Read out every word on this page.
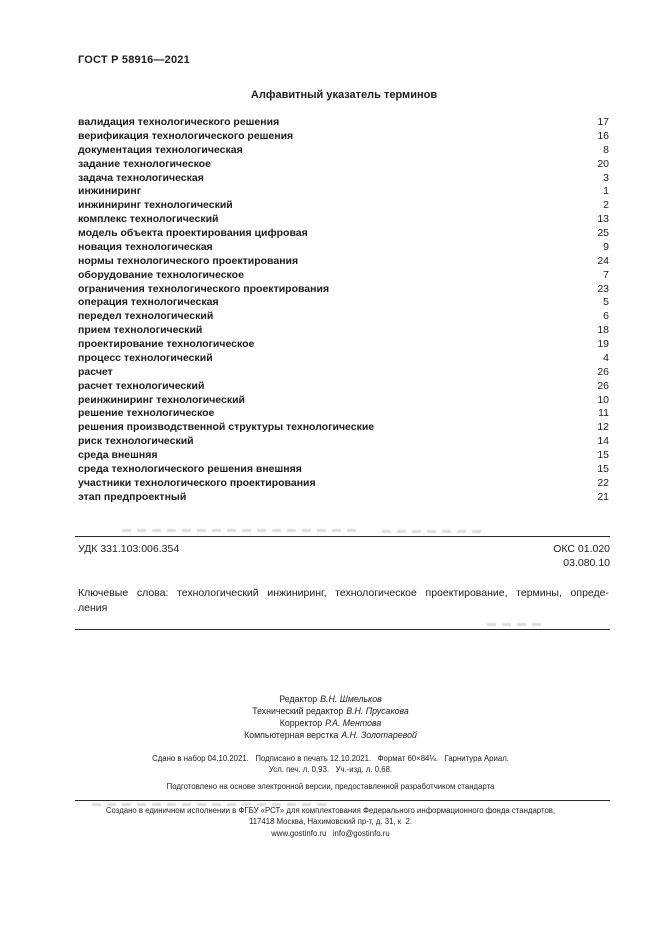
ГОСТ Р 58916—2021
Алфавитный указатель терминов
валидация технологического решения	17
верификация технологического решения	16
документация технологическая	8
задание технологическое	20
задача технологическая	3
инжиниринг	1
инжиниринг технологический	2
комплекс технологический	13
модель объекта проектирования цифровая	25
новация технологическая	9
нормы технологического проектирования	24
оборудование технологическое	7
ограничения технологического проектирования	23
операция технологическая	5
передел технологический	6
прием технологический	18
проектирование технологическое	19
процесс технологический	4
расчет	26
расчет технологический	26
реинжиниринг технологический	10
решение технологическое	11
решения производственной структуры технологические	12
риск технологический	14
среда внешняя	15
среда технологического решения внешняя	15
участники технологического проектирования	22
этап предпроектный	21
УДК 331.103:006.354	ОКС 01.020
03.080.10
Ключевые слова: технологический инжиниринг, технологическое проектирование, термины, опреде-
ления
Редактор В.Н. Шмельков
Технический редактор В.Н. Прусакова
Корректор Р.А. Ментова
Компьютерная верстка А.Н. Золотаревой
Сдано в набор 04.10.2021.   Подписано в печать 12.10.2021.   Формат 60×84⅛.   Гарнитура Ариал.
Усл. печ. л. 0,93.   Уч.-изд. л. 0,68.
Подготовлено на основе электронной версии, предоставленной разработчиком стандарта
Создано в единичном исполнении в ФГБУ «РСТ» для комплектования Федерального информационного фонда стандартов,
117418 Москва, Нахимовский пр-т, д. 31, к  2.
www.gostinfo.ru   info@gostinfo.ru
